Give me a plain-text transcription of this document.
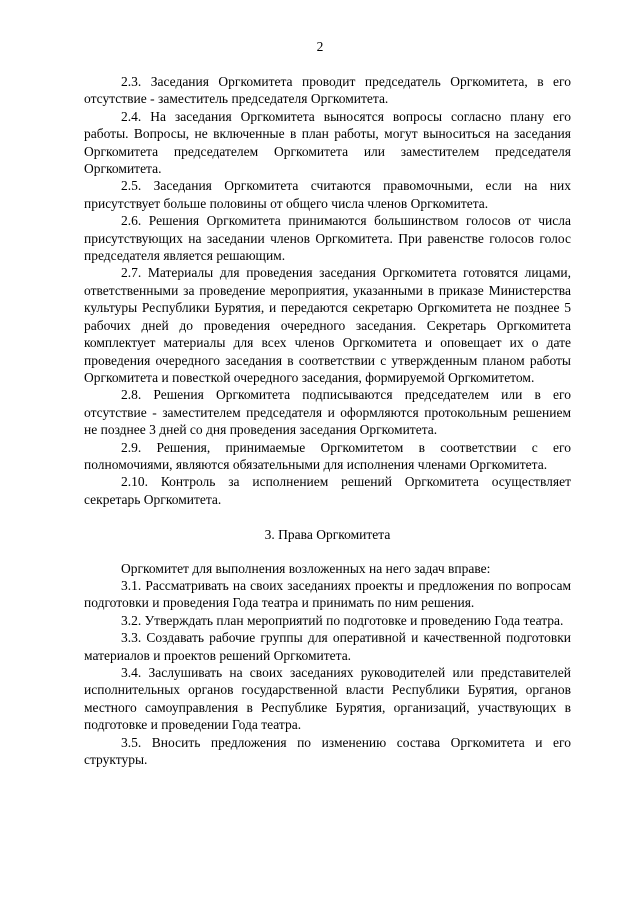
2

2.3. Заседания Оргкомитета проводит председатель Оргкомитета, в его отсутствие - заместитель председателя Оргкомитета.

2.4. На заседания Оргкомитета выносятся вопросы согласно плану его работы. Вопросы, не включенные в план работы, могут выноситься на заседания Оргкомитета председателем Оргкомитета или заместителем председателя Оргкомитета.

2.5. Заседания Оргкомитета считаются правомочными, если на них присутствует больше половины от общего числа членов Оргкомитета.

2.6. Решения Оргкомитета принимаются большинством голосов от числа присутствующих на заседании членов Оргкомитета. При равенстве голосов голос председателя является решающим.

2.7. Материалы для проведения заседания Оргкомитета готовятся лицами, ответственными за проведение мероприятия, указанными в приказе Министерства культуры Республики Бурятия, и передаются секретарю Оргкомитета не позднее 5 рабочих дней до проведения очередного заседания. Секретарь Оргкомитета комплектует материалы для всех членов Оргкомитета и оповещает их о дате проведения очередного заседания в соответствии с утвержденным планом работы Оргкомитета и повесткой очередного заседания, формируемой Оргкомитетом.

2.8. Решения Оргкомитета подписываются председателем или в его отсутствие - заместителем председателя и оформляются протокольным решением не позднее 3 дней со дня проведения заседания Оргкомитета.

2.9. Решения, принимаемые Оргкомитетом в соответствии с его полномочиями, являются обязательными для исполнения членами Оргкомитета.

2.10. Контроль за исполнением решений Оргкомитета осуществляет секретарь Оргкомитета.

3. Права Оргкомитета

Оргкомитет для выполнения возложенных на него задач вправе:

3.1. Рассматривать на своих заседаниях проекты и предложения по вопросам подготовки и проведения Года театра и принимать по ним решения.

3.2. Утверждать план мероприятий по подготовке и проведению Года театра.

3.3. Создавать рабочие группы для оперативной и качественной подготовки материалов и проектов решений Оргкомитета.

3.4. Заслушивать на своих заседаниях руководителей или представителей исполнительных органов государственной власти Республики Бурятия, органов местного самоуправления в Республике Бурятия, организаций, участвующих в подготовке и проведении Года театра.

3.5. Вносить предложения по изменению состава Оргкомитета и его структуры.
